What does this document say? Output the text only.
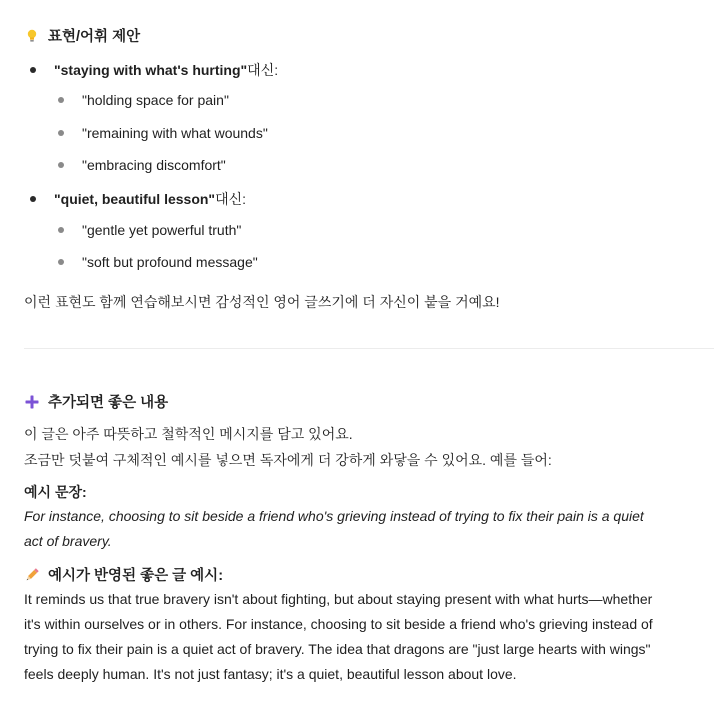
표현/어휘 제안
"staying with what's hurting" 대신:
"holding space for pain"
"remaining with what wounds"
"embracing discomfort"
"quiet, beautiful lesson" 대신:
"gentle yet powerful truth"
"soft but profound message"
이런 표현도 함께 연습해보시면 감성적인 영어 글쓰기에 더 자신이 붙을 거예요!
추가되면 좋은 내용
이 글은 아주 따뜻하고 철학적인 메시지를 담고 있어요.
조금만 덧붙여 구체적인 예시를 넣으면 독자에게 더 강하게 와닿을 수 있어요. 예를 들어:
예시 문장:
For instance, choosing to sit beside a friend who's grieving instead of trying to fix their pain is a quiet
act of bravery.
예시가 반영된 좋은 글 예시:
It reminds us that true bravery isn't about fighting, but about staying present with what hurts—whether
it's within ourselves or in others. For instance, choosing to sit beside a friend who's grieving instead of
trying to fix their pain is a quiet act of bravery. The idea that dragons are "just large hearts with wings"
feels deeply human. It's not just fantasy; it's a quiet, beautiful lesson about love.
